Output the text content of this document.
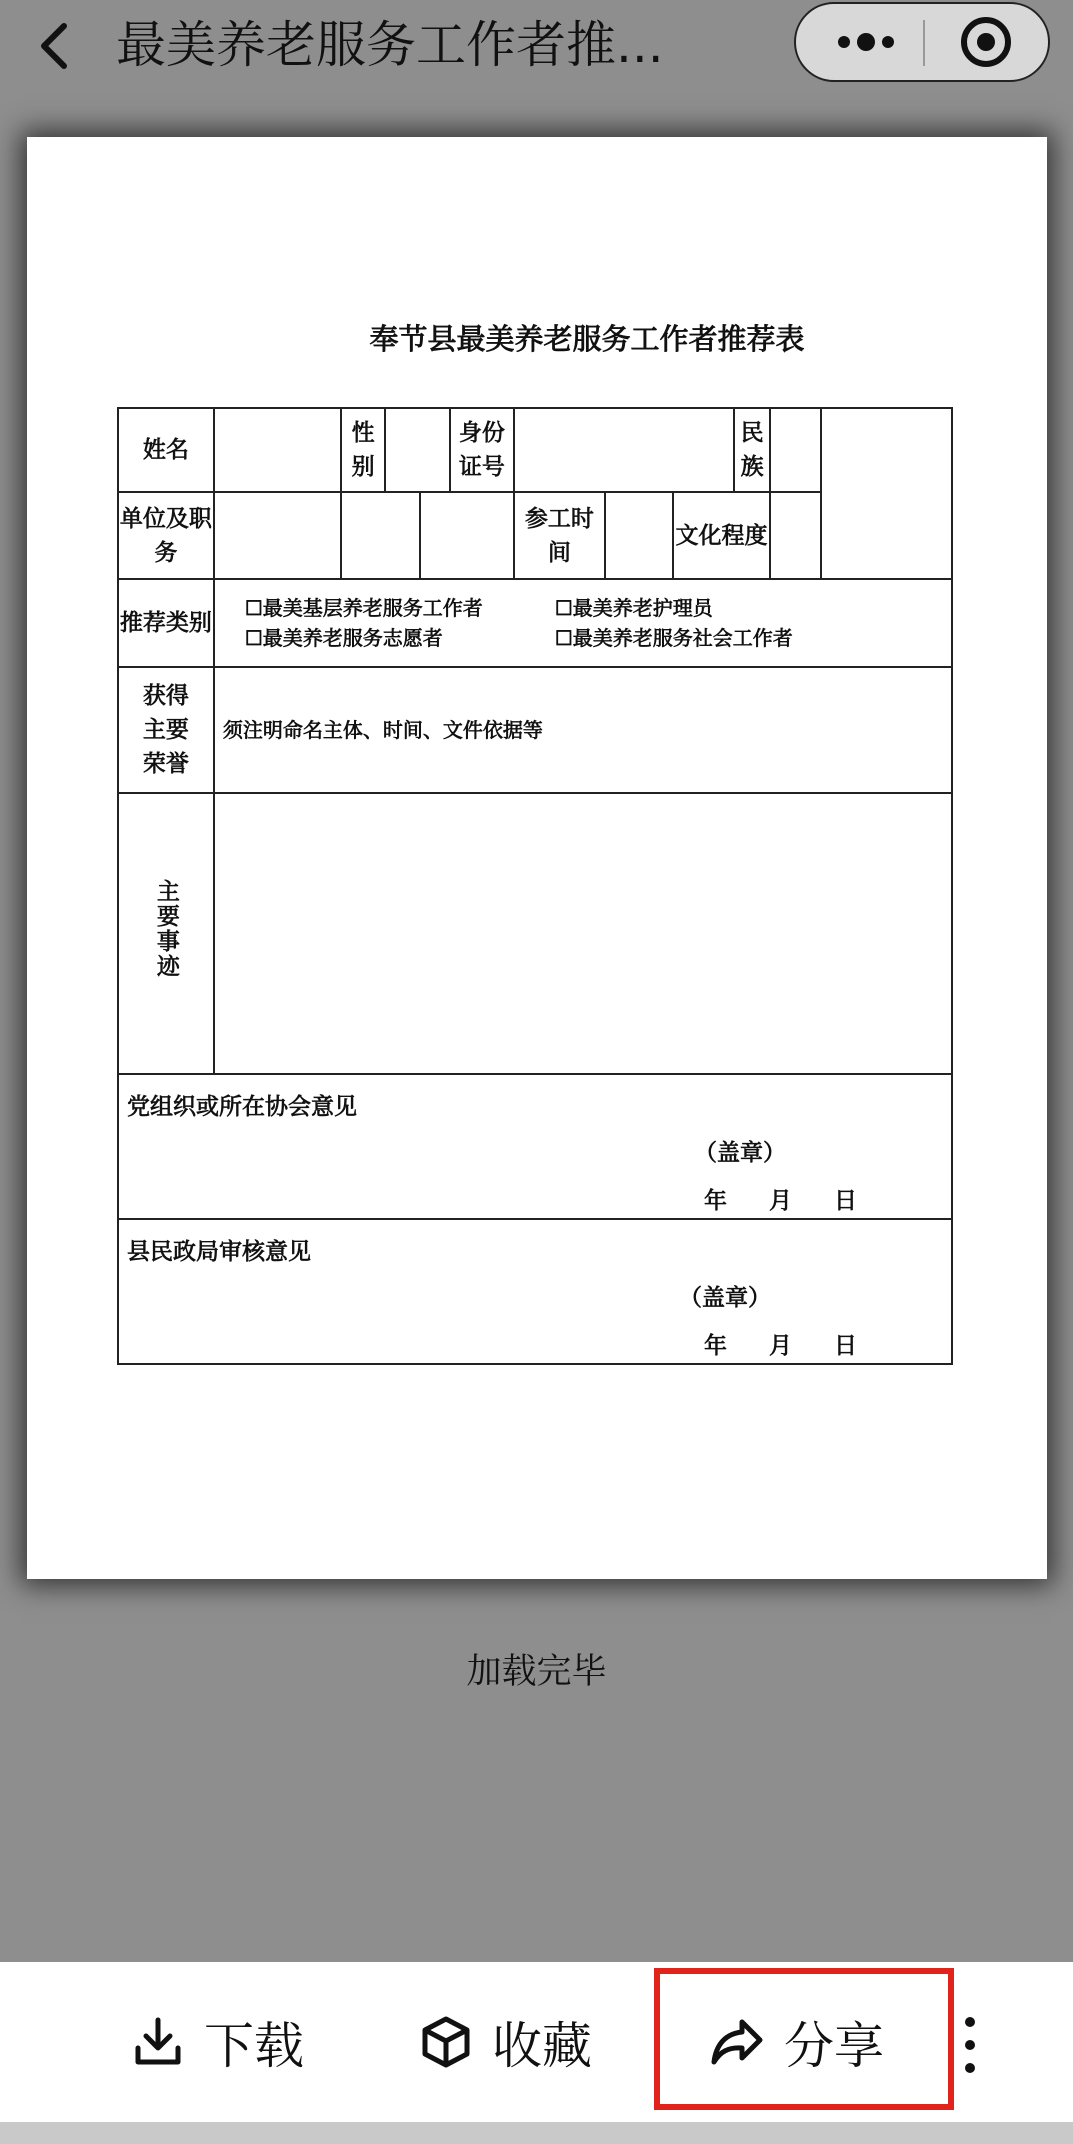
最美养老服务工作者推...
奉节县最美养老服务工作者推荐表
姓名		性别			身份证号				民族		
单位及职　务						参工时间		文化程度			
推荐类别	☐最美基层养老服务工作者 ☐最美养老护理员
☐最美养老服务志愿者 ☐最美养老服务社会工作者										

获得主要荣誉	须注明命名主体、时间、文件依据等										
主要事迹											

党组织或所在协会意见
（盖章）
年 月 日											

县民政局审核意见
（盖章）
年 月 日											
加载完毕
下载	收藏	分享
